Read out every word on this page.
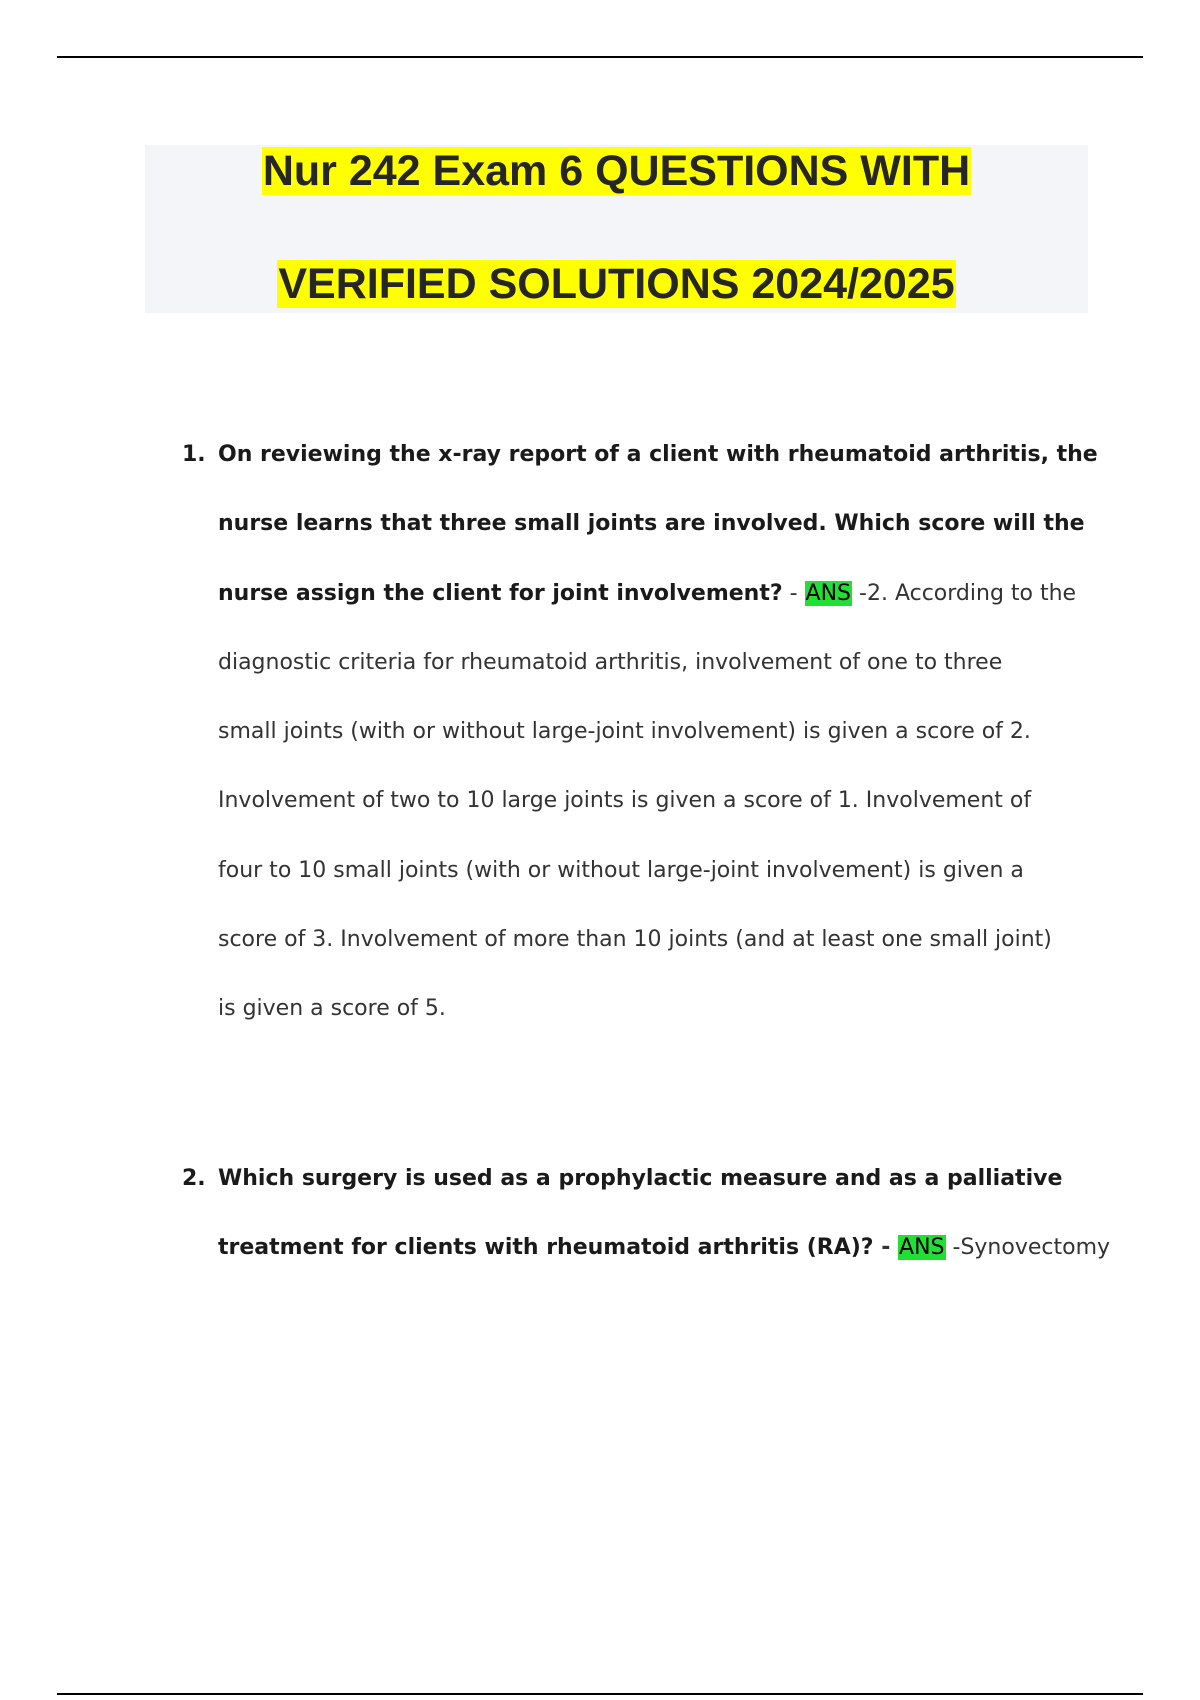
Nur 242 Exam 6 QUESTIONS WITH
VERIFIED SOLUTIONS 2024/2025
1. On reviewing the x-ray report of a client with rheumatoid arthritis, the
nurse learns that three small joints are involved. Which score will the
nurse assign the client for joint involvement? - ANS -2. According to the
diagnostic criteria for rheumatoid arthritis, involvement of one to three
small joints (with or without large-joint involvement) is given a score of 2.
Involvement of two to 10 large joints is given a score of 1. Involvement of
four to 10 small joints (with or without large-joint involvement) is given a
score of 3. Involvement of more than 10 joints (and at least one small joint)
is given a score of 5.
2. Which surgery is used as a prophylactic measure and as a palliative
treatment for clients with rheumatoid arthritis (RA)? - ANS -Synovectomy
